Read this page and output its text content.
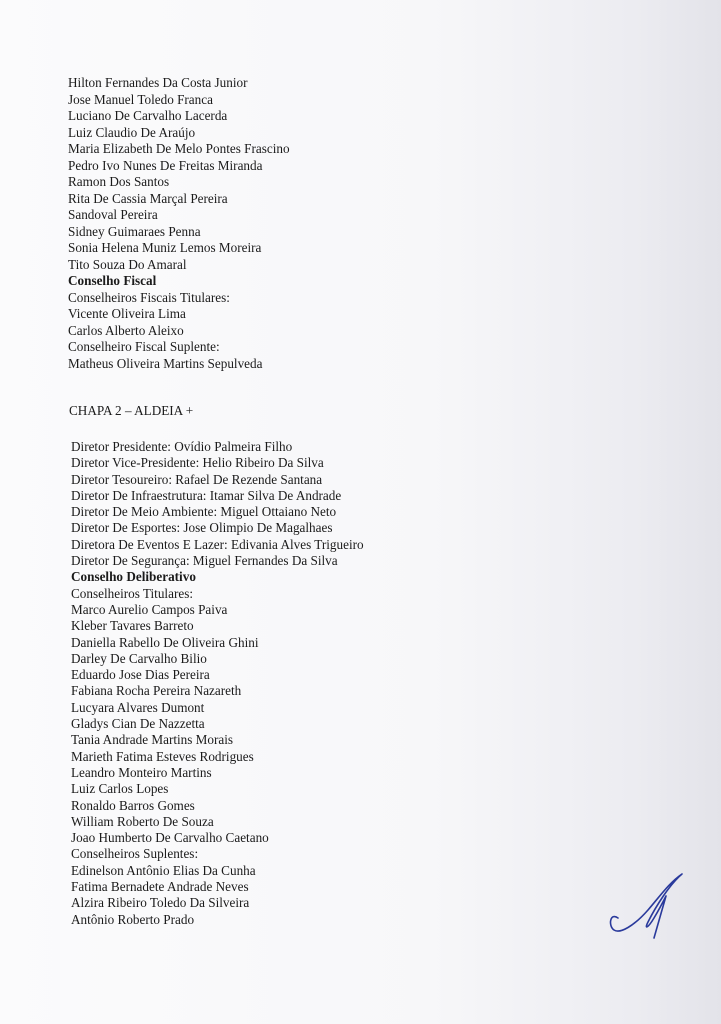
Hilton Fernandes Da Costa Junior
Jose Manuel Toledo Franca
Luciano De Carvalho Lacerda
Luiz Claudio De Araújo
Maria Elizabeth De Melo Pontes Frascino
Pedro Ivo Nunes De Freitas Miranda
Ramon Dos Santos
Rita De Cassia Marçal Pereira
Sandoval Pereira
Sidney Guimaraes Penna
Sonia Helena Muniz Lemos Moreira
Tito Souza Do Amaral
Conselho Fiscal
Conselheiros Fiscais Titulares:
Vicente Oliveira Lima
Carlos Alberto Aleixo
Conselheiro Fiscal Suplente:
Matheus Oliveira Martins Sepulveda
CHAPA 2 – ALDEIA +
Diretor Presidente: Ovídio Palmeira Filho
Diretor Vice-Presidente: Helio Ribeiro Da Silva
Diretor Tesoureiro: Rafael De Rezende Santana
Diretor De Infraestrutura: Itamar Silva De Andrade
Diretor De Meio Ambiente: Miguel Ottaiano Neto
Diretor De Esportes: Jose Olimpio De Magalhaes
Diretora De Eventos E Lazer: Edivania Alves Trigueiro
Diretor De Segurança: Miguel Fernandes Da Silva
Conselho Deliberativo
Conselheiros Titulares:
Marco Aurelio Campos Paiva
Kleber Tavares Barreto
Daniella Rabello De Oliveira Ghini
Darley De Carvalho Bilio
Eduardo Jose Dias Pereira
Fabiana Rocha Pereira Nazareth
Lucyara Alvares Dumont
Gladys Cian De Nazzetta
Tania Andrade Martins Morais
Marieth Fatima Esteves Rodrigues
Leandro Monteiro Martins
Luiz Carlos Lopes
Ronaldo Barros Gomes
William Roberto De Souza
Joao Humberto De Carvalho Caetano
Conselheiros Suplentes:
Edinelson Antônio Elias Da Cunha
Fatima Bernadete Andrade Neves
Alzira Ribeiro Toledo Da Silveira
Antônio Roberto Prado
